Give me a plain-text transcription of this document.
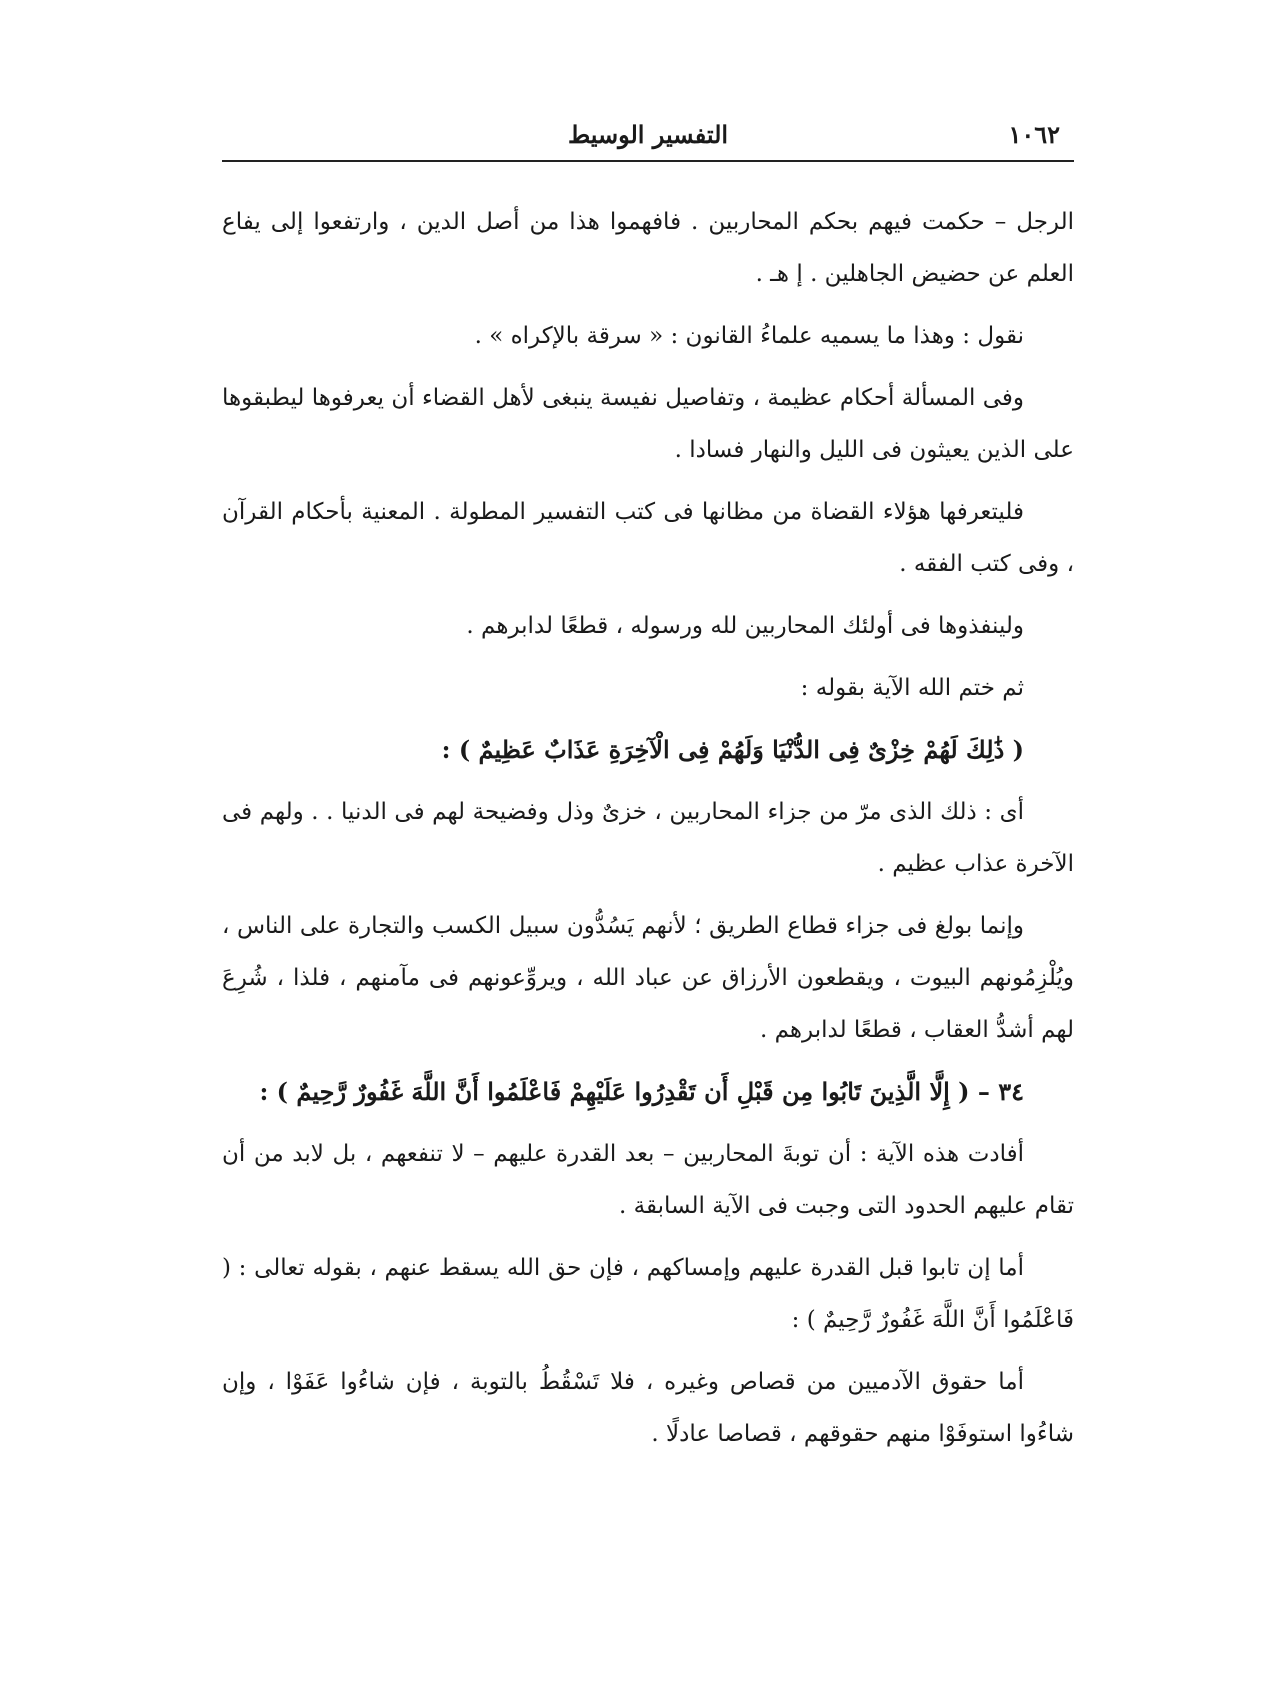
التفسير الوسيط	١٠٦٢

الرجل – حكمت فيهم بحكم المحاربين . فافهموا هذا من أصل الدين ، وارتفعوا إلى يفاع العلم عن حضيض الجاهلين . إ هـ .

نقول : وهذا ما يسميه علماءُ القانون : « سرقة بالإكراه » .

وفى المسألة أحكام عظيمة ، وتفاصيل نفيسة ينبغى لأهل القضاء أن يعرفوها ليطبقوها على الذين يعيثون فى الليل والنهار فسادا .

فليتعرفها هؤلاء القضاة من مظانها فى كتب التفسير المطولة . المعنية بأحكام القرآن ، وفى كتب الفقه .

ولينفذوها فى أولئك المحاربين لله ورسوله ، قطعًا لدابرهم .

ثم ختم الله الآية بقوله :

( ذَٰلِكَ لَهُمْ خِزْىٌ فِى الدُّنْيَا وَلَهُمْ فِى الْآخِرَةِ عَذَابٌ عَظِيمٌ ) :

أى : ذلك الذى مرّ من جزاء المحاربين ، خزىٌ وذل وفضيحة لهم فى الدنيا . . ولهم فى الآخرة عذاب عظيم .

وإنما بولغ فى جزاء قطاع الطريق ؛ لأنهم يَسُدُّون سبيل الكسب والتجارة على الناس ، ويُلْزِمُونهم البيوت ، ويقطعون الأرزاق عن عباد الله ، ويروِّعونهم فى مآمنهم ، فلذا ، شُرِعَ لهم أشدُّ العقاب ، قطعًا لدابرهم .

٣٤ – ( إِلَّا الَّذِينَ تَابُوا مِن قَبْلِ أَن تَقْدِرُوا عَلَيْهِمْ فَاعْلَمُوا أَنَّ اللَّهَ غَفُورٌ رَّحِيمٌ ) :

أفادت هذه الآية : أن توبةَ المحاربين – بعد القدرة عليهم – لا تنفعهم ، بل لابد من أن تقام عليهم الحدود التى وجبت فى الآية السابقة .

أما إن تابوا قبل القدرة عليهم وإمساكهم ، فإن حق الله يسقط عنهم ، بقوله تعالى : ( فَاعْلَمُوا أَنَّ اللَّهَ غَفُورٌ رَّحِيمٌ ) :

أما حقوق الآدميين من قصاص وغيره ، فلا تَسْقُطُ بالتوبة ، فإن شاءُوا عَفَوْا ، وإن شاءُوا استوفَوْا منهم حقوقهم ، قصاصا عادلًا .
